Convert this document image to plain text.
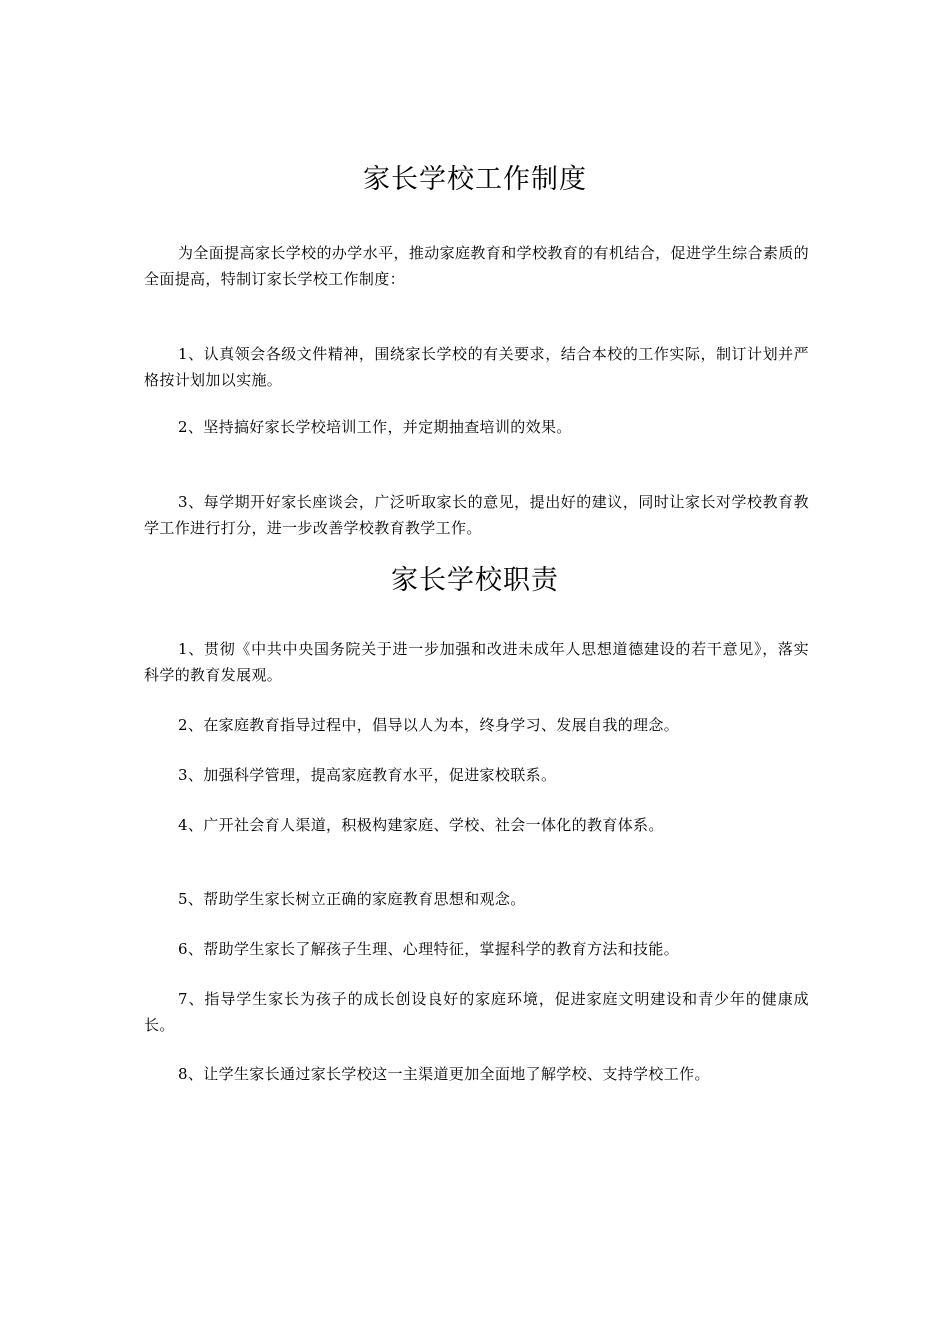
家长学校工作制度

为全面提高家长学校的办学水平，推动家庭教育和学校教育的有机结合，促进学生综合素质的全面提高，特制订家长学校工作制度：

1、认真领会各级文件精神，围绕家长学校的有关要求，结合本校的工作实际，制订计划并严格按计划加以实施。

2、坚持搞好家长学校培训工作，并定期抽查培训的效果。

3、每学期开好家长座谈会，广泛听取家长的意见，提出好的建议，同时让家长对学校教育教学工作进行打分，进一步改善学校教育教学工作。

家长学校职责

1、贯彻《中共中央国务院关于进一步加强和改进未成年人思想道德建设的若干意见》，落实科学的教育发展观。

2、在家庭教育指导过程中，倡导以人为本，终身学习、发展自我的理念。

3、加强科学管理，提高家庭教育水平，促进家校联系。

4、广开社会育人渠道，积极构建家庭、学校、社会一体化的教育体系。

5、帮助学生家长树立正确的家庭教育思想和观念。

6、帮助学生家长了解孩子生理、心理特征，掌握科学的教育方法和技能。

7、指导学生家长为孩子的成长创设良好的家庭环境，促进家庭文明建设和青少年的健康成长。

8、让学生家长通过家长学校这一主渠道更加全面地了解学校、支持学校工作。
